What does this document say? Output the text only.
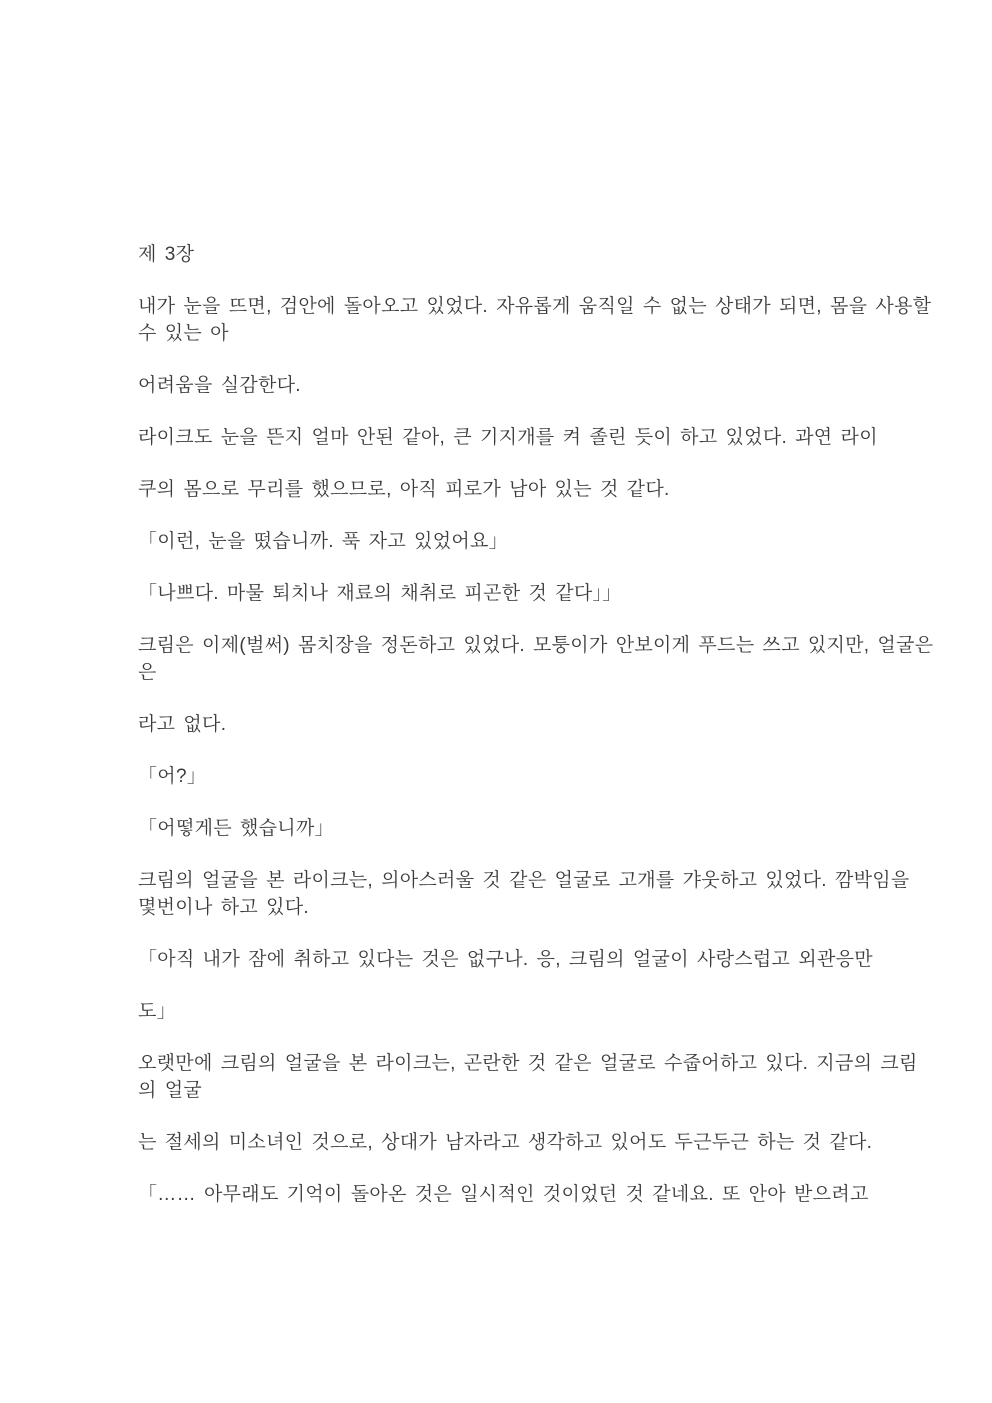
제 3장

내가 눈을 뜨면, 검안에 돌아오고 있었다. 자유롭게 움직일 수 없는 상태가 되면, 몸을 사용할
수 있는 아

어려움을 실감한다.

라이크도 눈을 뜬지 얼마 안된 같아, 큰 기지개를 켜 졸린 듯이 하고 있었다. 과연 라이

쿠의 몸으로 무리를 했으므로, 아직 피로가 남아 있는 것 같다.

「이런, 눈을 떴습니까. 푹 자고 있었어요」

「나쁘다. 마물 퇴치나 재료의 채취로 피곤한 것 같다」」

크림은 이제(벌써) 몸치장을 정돈하고 있었다. 모퉁이가 안보이게 푸드는 쓰고 있지만, 얼굴은
은

라고 없다.

「어?」

「어떻게든 했습니까」

크림의 얼굴을 본 라이크는, 의아스러울 것 같은 얼굴로 고개를 갸웃하고 있었다. 깜박임을
몇번이나 하고 있다.

「아직 내가 잠에 취하고 있다는 것은 없구나. 응, 크림의 얼굴이 사랑스럽고 외관응만

도」

오랫만에 크림의 얼굴을 본 라이크는, 곤란한 것 같은 얼굴로 수줍어하고 있다. 지금의 크림
의 얼굴

는 절세의 미소녀인 것으로, 상대가 남자라고 생각하고 있어도 두근두근 하는 것 같다.

「…… 아무래도 기억이 돌아온 것은 일시적인 것이었던 것 같네요. 또 안아 받으려고
